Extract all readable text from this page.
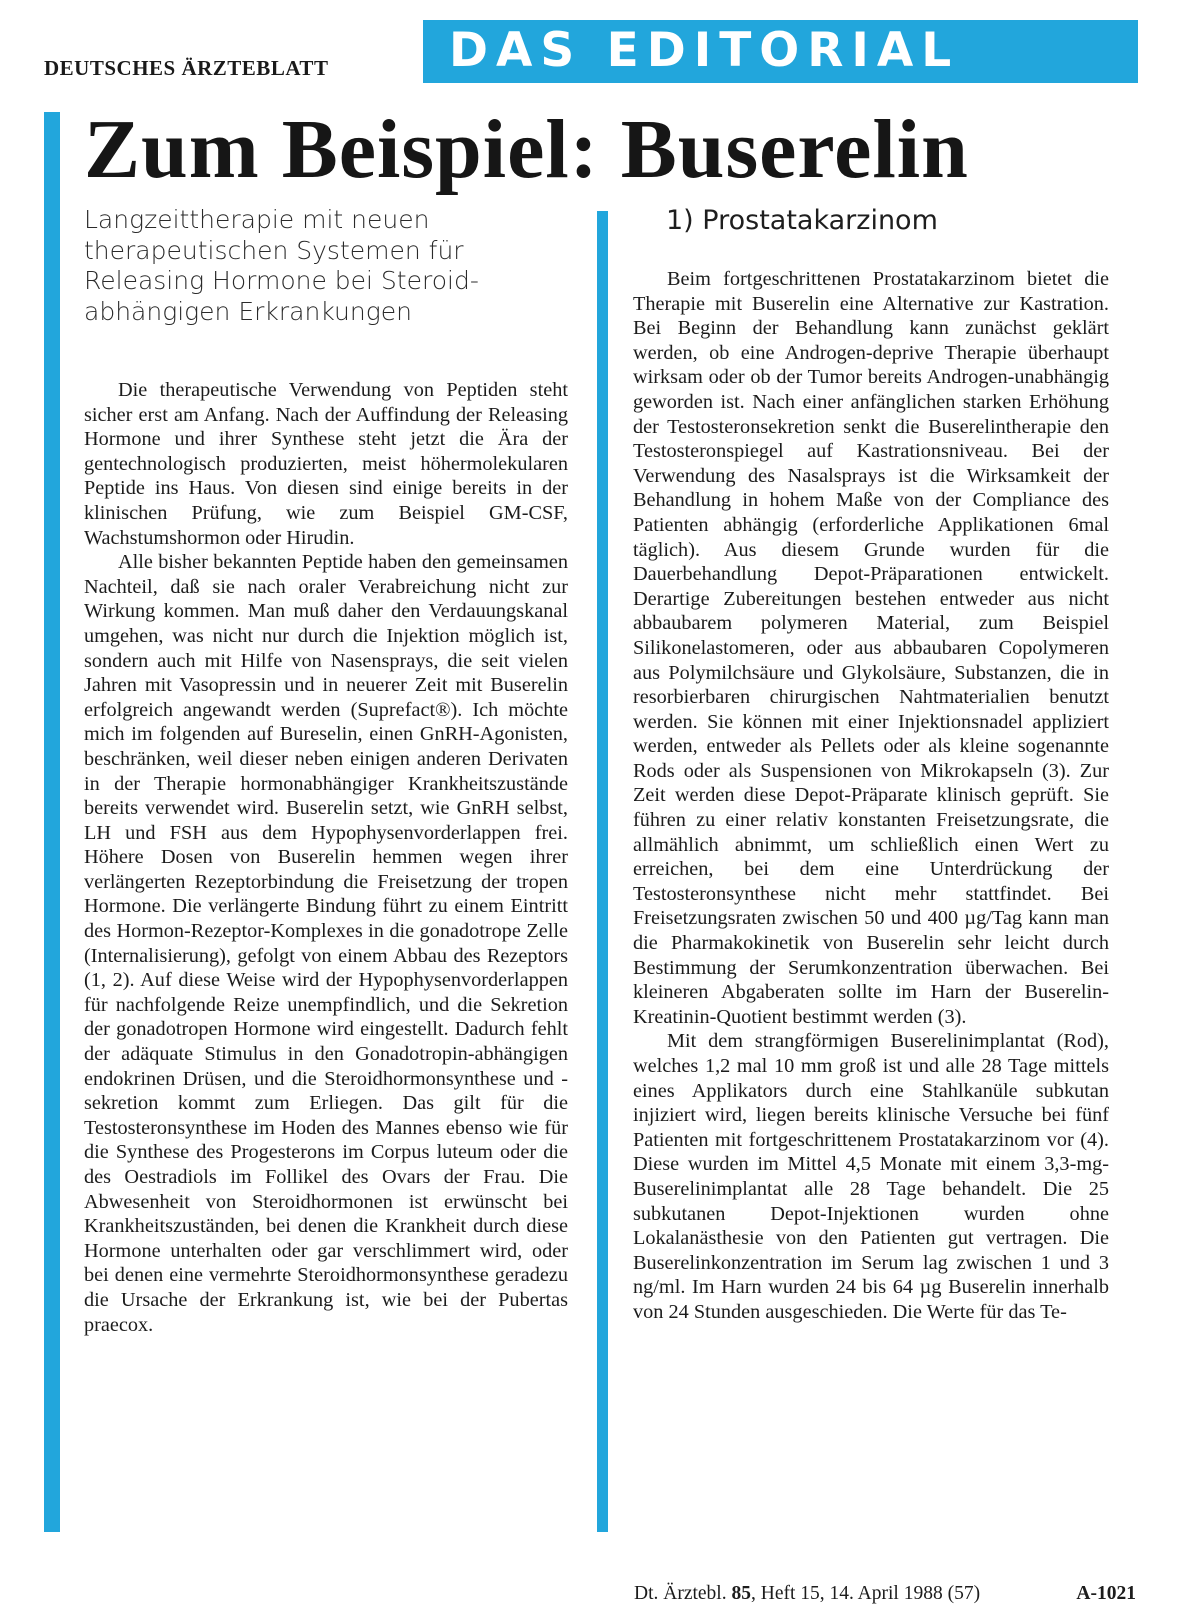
DEUTSCHES ÄRZTEBLATT	DAS EDITORIAL
Zum Beispiel: Buserelin
Langzeittherapie mit neuen therapeutischen Systemen für Releasing Hormone bei Steroid-abhängigen Erkrankungen

Die therapeutische Verwendung von Peptiden steht sicher erst am Anfang. Nach der Auffindung der Releasing Hormone und ihrer Synthese steht jetzt die Ära der gentechnologisch produzierten, meist höhermolekularen Peptide ins Haus. Von diesen sind einige bereits in der klinischen Prüfung, wie zum Beispiel GM-CSF, Wachstumshormon oder Hirudin.

Alle bisher bekannten Peptide haben den gemeinsamen Nachteil, daß sie nach oraler Verabreichung nicht zur Wirkung kommen. Man muß daher den Verdauungskanal umgehen, was nicht nur durch die Injektion möglich ist, sondern auch mit Hilfe von Nasensprays, die seit vielen Jahren mit Vasopressin und in neuerer Zeit mit Buserelin erfolgreich angewandt werden (Suprefact®). Ich möchte mich im folgenden auf Bureselin, einen GnRH-Agonisten, beschränken, weil dieser neben einigen anderen Derivaten in der Therapie hormonabhängiger Krankheitszustände bereits verwendet wird. Buserelin setzt, wie GnRH selbst, LH und FSH aus dem Hypophysenvorderlappen frei. Höhere Dosen von Buserelin hemmen wegen ihrer verlängerten Rezeptorbindung die Freisetzung der tropen Hormone. Die verlängerte Bindung führt zu einem Eintritt des Hormon-Rezeptor-Komplexes in die gonadotrope Zelle (Internalisierung), gefolgt von einem Abbau des Rezeptors (1, 2). Auf diese Weise wird der Hypophysenvorderlappen für nachfolgende Reize unempfindlich, und die Sekretion der gonadotropen Hormone wird eingestellt. Dadurch fehlt der adäquate Stimulus in den Gonadotropin-abhängigen endokrinen Drüsen, und die Steroidhormonsynthese und -sekretion kommt zum Erliegen. Das gilt für die Testosteronsynthese im Hoden des Mannes ebenso wie für die Synthese des Progesterons im Corpus luteum oder die des Oestradiols im Follikel des Ovars der Frau. Die Abwesenheit von Steroidhormonen ist erwünscht bei Krankheitszuständen, bei denen die Krankheit durch diese Hormone unterhalten oder gar verschlimmert wird, oder bei denen eine vermehrte Steroidhormonsynthese geradezu die Ursache der Erkrankung ist, wie bei der Pubertas praecox.

1) Prostatakarzinom

Beim fortgeschrittenen Prostatakarzinom bietet die Therapie mit Buserelin eine Alternative zur Kastration. Bei Beginn der Behandlung kann zunächst geklärt werden, ob eine Androgen-deprive Therapie überhaupt wirksam oder ob der Tumor bereits Androgen-unabhängig geworden ist. Nach einer anfänglichen starken Erhöhung der Testosteronsekretion senkt die Buserelintherapie den Testosteronspiegel auf Kastrationsniveau. Bei der Verwendung des Nasalsprays ist die Wirksamkeit der Behandlung in hohem Maße von der Compliance des Patienten abhängig (erforderliche Applikationen 6mal täglich). Aus diesem Grunde wurden für die Dauerbehandlung Depot-Präparationen entwickelt. Derartige Zubereitungen bestehen entweder aus nicht abbaubarem polymeren Material, zum Beispiel Silikonelastomeren, oder aus abbaubaren Copolymeren aus Polymilchsäure und Glykolsäure, Substanzen, die in resorbierbaren chirurgischen Nahtmaterialien benutzt werden. Sie können mit einer Injektionsnadel appliziert werden, entweder als Pellets oder als kleine sogenannte Rods oder als Suspensionen von Mikrokapseln (3). Zur Zeit werden diese Depot-Präparate klinisch geprüft. Sie führen zu einer relativ konstanten Freisetzungsrate, die allmählich abnimmt, um schließlich einen Wert zu erreichen, bei dem eine Unterdrückung der Testosteronsynthese nicht mehr stattfindet. Bei Freisetzungsraten zwischen 50 und 400 µg/Tag kann man die Pharmakokinetik von Buserelin sehr leicht durch Bestimmung der Serumkonzentration überwachen. Bei kleineren Abgaberaten sollte im Harn der Buserelin-Kreatinin-Quotient bestimmt werden (3).

Mit dem strangförmigen Buserelinimplantat (Rod), welches 1,2 mal 10 mm groß ist und alle 28 Tage mittels eines Applikators durch eine Stahlkanüle subkutan injiziert wird, liegen bereits klinische Versuche bei fünf Patienten mit fortgeschrittenem Prostatakarzinom vor (4). Diese wurden im Mittel 4,5 Monate mit einem 3,3-mg-Buserelinimplantat alle 28 Tage behandelt. Die 25 subkutanen Depot-Injektionen wurden ohne Lokalanästhesie von den Patienten gut vertragen. Die Buserelinkonzentration im Serum lag zwischen 1 und 3 ng/ml. Im Harn wurden 24 bis 64 µg Buserelin innerhalb von 24 Stunden ausgeschieden. Die Werte für das Te-

Dt. Ärztebl. 85, Heft 15, 14. April 1988 (57)	A-1021
